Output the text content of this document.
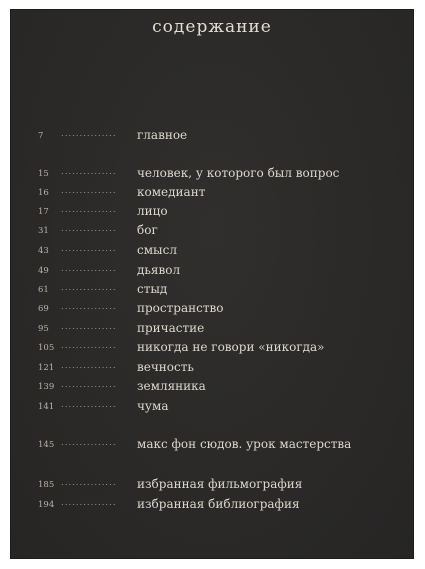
содержание
7 ............... главное
15 ............... человек, у которого был вопрос
16 ............... комедиант
17 ............... лицо
31 ............... бог
43 ............... смысл
49 ............... дьявол
61 ............... стыд
69 ............... пространство
95 ............... причастие
105 ............... никогда не говори «никогда»
121 ............... вечность
139 ............... земляника
141 ............... чума
145 ............... макс фон сюдов. урок мастерства
185 ............... избранная фильмография
194 ............... избранная библиография
